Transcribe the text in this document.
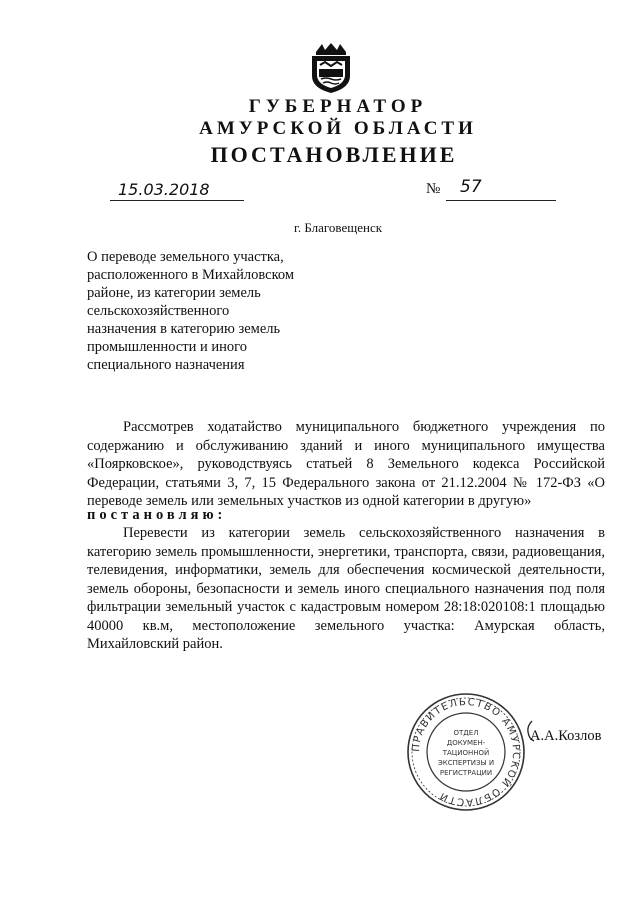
ГУБЕРНАТОР
АМУРСКОЙ ОБЛАСТИ
ПОСТАНОВЛЕНИЕ
15.03.2018	№ 57
г. Благовещенск
О переводе земельного участка,
расположенного в Михайловском
районе, из категории земель
сельскохозяйственного
назначения в категорию земель
промышленности и иного
специального назначения
Рассмотрев ходатайство муниципального бюджетного учреждения по содержанию и обслуживанию зданий и иного муниципального имущества «Поярковское», руководствуясь статьей 8 Земельного кодекса Российской Федерации, статьями 3, 7, 15 Федерального закона от 21.12.2004 № 172-ФЗ «О переводе земель или земельных участков из одной категории в другую»
постановляю:
Перевести из категории земель сельскохозяйственного назначения в категорию земель промышленности, энергетики, транспорта, связи, радиовещания, телевидения, информатики, земель для обеспечения космической деятельности, земель обороны, безопасности и земель иного специального назначения под поля фильтрации земельный участок с кадастровым номером 28:18:020108:1 площадью 40000 кв.м, местоположение земельного участка: Амурская область, Михайловский район.
ПРАВИТЕЛЬСТВО АМУРСКОЙ ОБЛАСТИ
ОТДЕЛ
ДОКУМЕН-
ТАЦИОННОЙ
ЭКСПЕРТИЗЫ И
РЕГИСТРАЦИИ
А.А.Козлов
